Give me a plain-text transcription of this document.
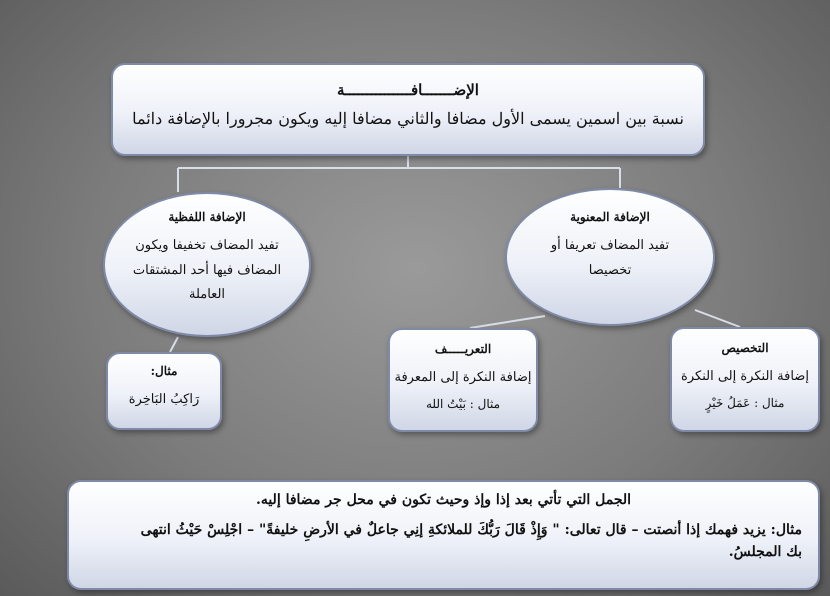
الإضـــــــافـــــــــــــــة
نسبة بين اسمين يسمى الأول مضافا والثاني مضافا إليه ويكون مجرورا بالإضافة دائما
الإضافة اللفظية
تفيد المضاف تخفيفا ويكون
المضاف فيها أحد المشتقات
العاملة
الإضافة المعنوية
تفيد المضاف تعريفا أو
تخصيصا
مثال:
رَاكِبُ البَاخِرة
التعريـــــف
إضافة النكرة إلى المعرفة
مثال : بَيْتُ الله
التخصيص
إضافة النكرة إلى النكرة
مثال : عَمَلُ خَيْرٍ
الجمل التي تأتي بعد إذا وإذ وحيث تكون في محل جر مضافا إليه.
مثال: يزيد فهمك إذا أنصتت – قال تعالى: " وَإِذْ قَالَ رَبُّكَ للملائكةِ إنِي جاعلٌ في الأرضِ خليفةً" – اجْلِسْ حَيْثُ انتهى
بك المجلسُ.
